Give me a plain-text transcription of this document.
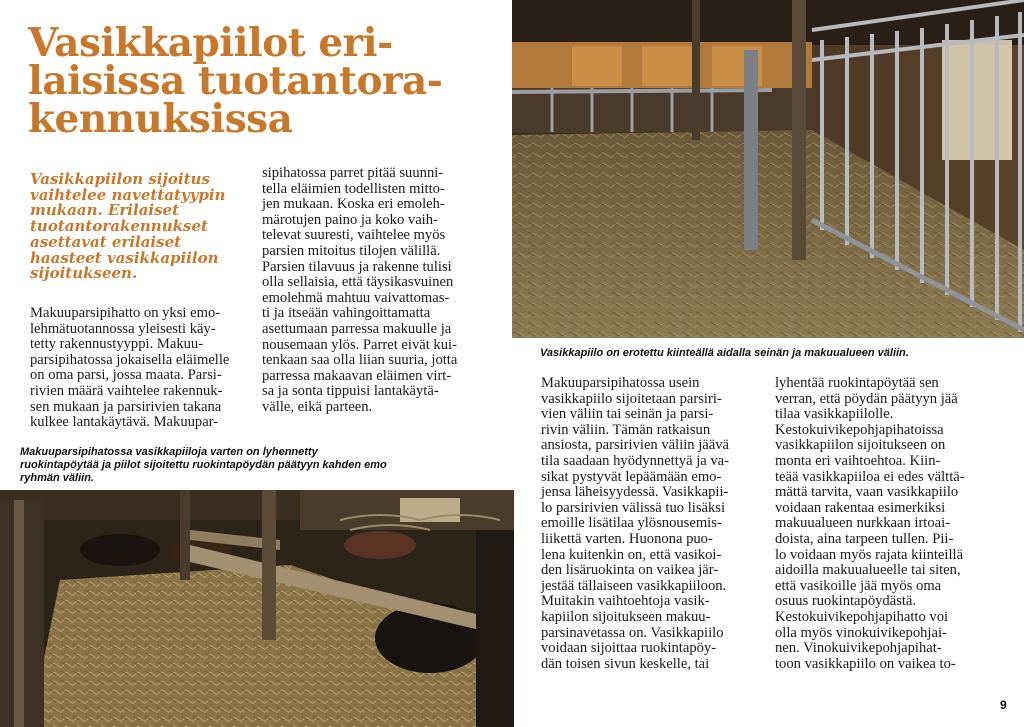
Vasikkapiilot eri-
laisissa tuotantora-
kennuksissa
Vasikkapiilon sijoitus
vaihtelee navettatyypin
mukaan. Erilaiset
tuotantorakennukset
asettavat erilaiset
haasteet vasikkapiilon
sijoitukseen.
Makuuparsipihatto on yksi emo-
lehmätuotannossa yleisesti käy-
tetty rakennustyyppi. Makuu-
parsipihatossa jokaisella eläimelle
on oma parsi, jossa maata. Parsi-
rivien määrä vaihtelee rakennuk-
sen mukaan ja parsirivien takana
kulkee lantakäytävä. Makuupar-
sipihatossa parret pitää suunni-
tella eläimien todellisten mitto-
jen mukaan. Koska eri emoleh-
märotujen paino ja koko vaih-
televat suuresti, vaihtelee myös
parsien mitoitus tilojen välillä.
Parsien tilavuus ja rakenne tulisi
olla sellaisia, että täysikasvuinen
emolehmä mahtuu vaivattomas-
ti ja itseään vahingoittamatta
asettumaan parressa makuulle ja
nousemaan ylös. Parret eivät kui-
tenkaan saa olla liian suuria, jotta
parressa makaavan eläimen virt-
sa ja sonta tippuisi lantakäytä-
välle, eikä parteen.
Makuuparsipihatossa vasikkapiiloja varten on lyhennetty
ruokintapöytää ja piilot sijoitettu ruokintapöydän päätyyn kahden emo
ryhmän väliin.
Vasikkapiilo on erotettu kiinteällä aidalla seinän ja makuualueen väliin.
Makuuparsipihatossa usein
vasikkapiilo sijoitetaan parsiri-
vien väliin tai seinän ja parsi-
rivin väliin. Tämän ratkaisun
ansiosta, parsirivien väliin jäävä
tila saadaan hyödynnettyä ja va-
sikat pystyvät lepäämään emo-
jensa läheisyydessä. Vasikkapii-
lo parsirivien välissä tuo lisäksi
emoille lisätilaa ylösnousemis-
liikettä varten. Huonona puo-
lena kuitenkin on, että vasikoi-
den lisäruokinta on vaikea jär-
jestää tällaiseen vasikkapiiloon.
Muitakin vaihtoehtoja vasik-
kapiilon sijoitukseen makuu-
parsinavetassa on. Vasikkapiilo
voidaan sijoittaa ruokintapöy-
dän toisen sivun keskelle, tai
lyhentää ruokintapöytää sen
verran, että pöydän päätyyn jää
tilaa vasikkapiilolle.
Kestokuivikepohjapihatoissa
vasikkapiilon sijoitukseen on
monta eri vaihtoehtoa. Kiin-
teää vasikkapiiloa ei edes välttä-
mättä tarvita, vaan vasikkapiilo
voidaan rakentaa esimerkiksi
makuualueen nurkkaan irtoai-
doista, aina tarpeen tullen. Pii-
lo voidaan myös rajata kiinteillä
aidoilla makuualueelle tai siten,
että vasikoille jää myös oma
osuus ruokintapöydästä.
Kestokuivikepohjapihatto voi
olla myös vinokuivikepohjai-
nen. Vinokuivikepohjapihat-
toon vasikkapiilo on vaikea to-
9
